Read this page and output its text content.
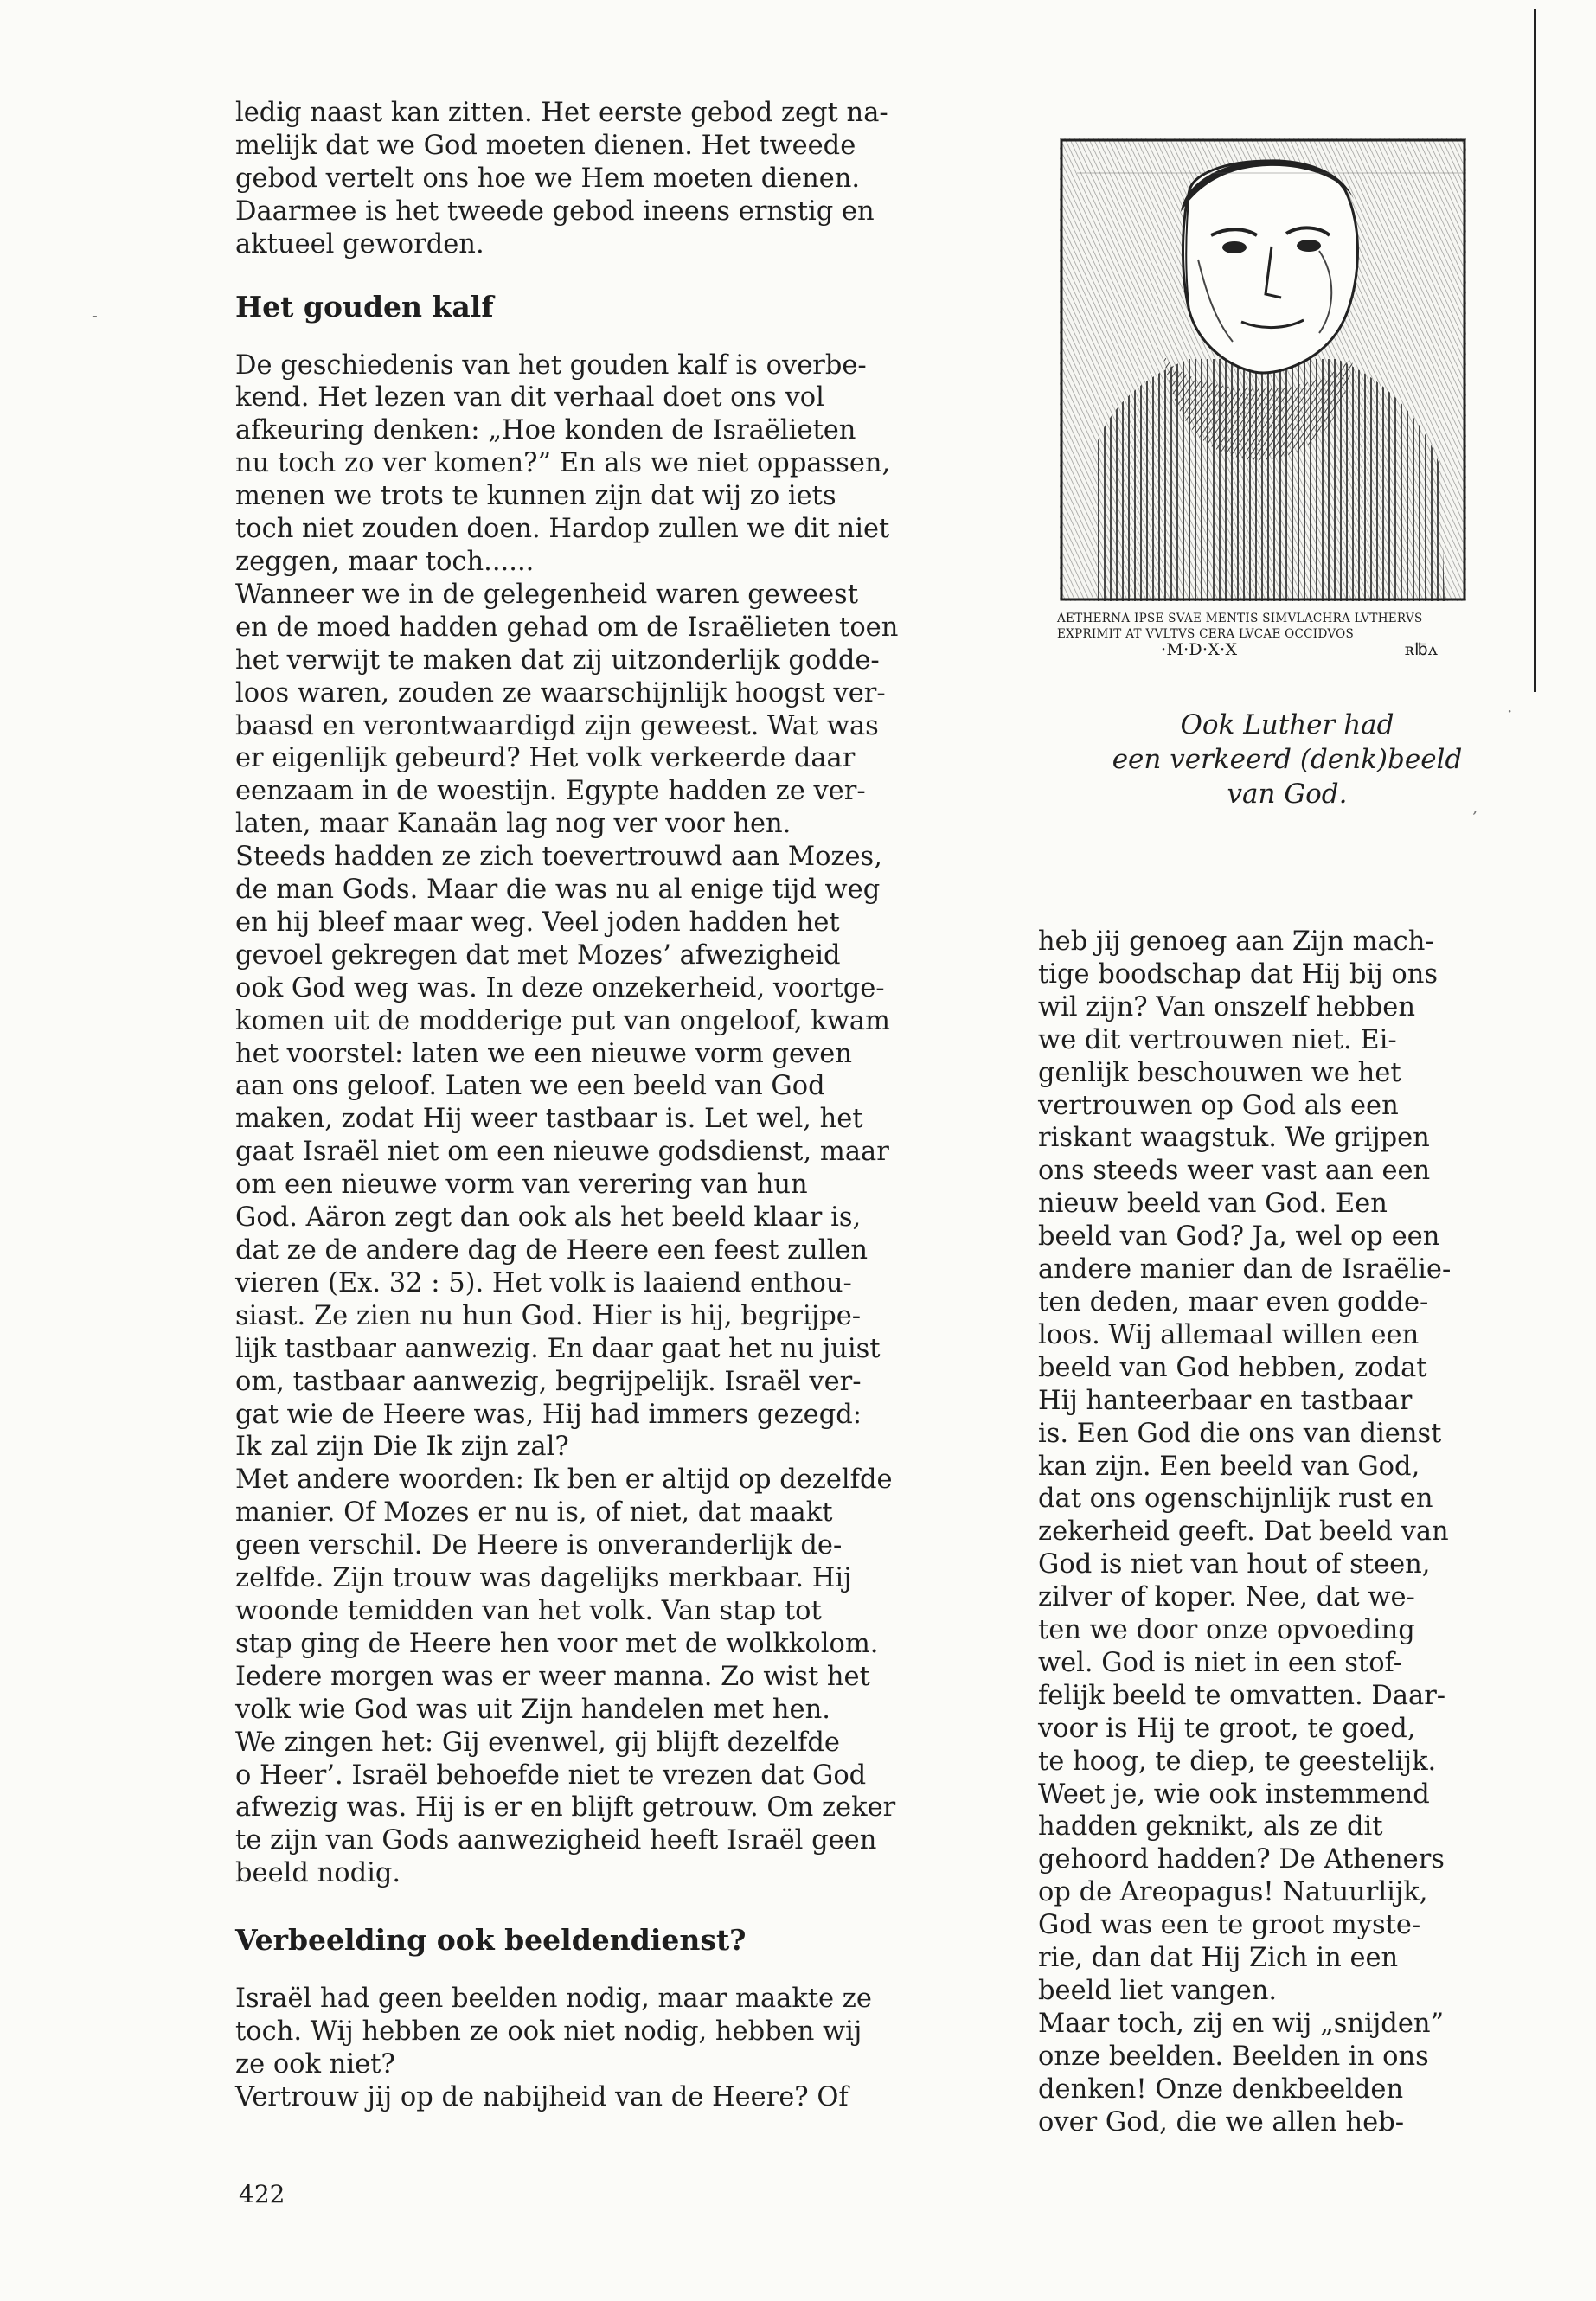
-
·
‚

ledig naast kan zitten. Het eerste gebod zegt na-
melijk dat we God moeten dienen. Het tweede
gebod vertelt ons hoe we Hem moeten dienen.
Daarmee is het tweede gebod ineens ernstig en
aktueel geworden.

Het gouden kalf

De geschiedenis van het gouden kalf is overbe-
kend. Het lezen van dit verhaal doet ons vol
afkeuring denken: „Hoe konden de Israëlieten
nu toch zo ver komen?” En als we niet oppassen,
menen we trots te kunnen zijn dat wij zo iets
toch niet zouden doen. Hardop zullen we dit niet
zeggen, maar toch......
Wanneer we in de gelegenheid waren geweest
en de moed hadden gehad om de Israëlieten toen
het verwijt te maken dat zij uitzonderlijk godde-
loos waren, zouden ze waarschijnlijk hoogst ver-
baasd en verontwaardigd zijn geweest. Wat was
er eigenlijk gebeurd? Het volk verkeerde daar
eenzaam in de woestijn. Egypte hadden ze ver-
laten, maar Kanaän lag nog ver voor hen.
Steeds hadden ze zich toevertrouwd aan Mozes,
de man Gods. Maar die was nu al enige tijd weg
en hij bleef maar weg. Veel joden hadden het
gevoel gekregen dat met Mozes’ afwezigheid
ook God weg was. In deze onzekerheid, voortge-
komen uit de modderige put van ongeloof, kwam
het voorstel: laten we een nieuwe vorm geven
aan ons geloof. Laten we een beeld van God
maken, zodat Hij weer tastbaar is. Let wel, het
gaat Israël niet om een nieuwe godsdienst, maar
om een nieuwe vorm van verering van hun
God. Aäron zegt dan ook als het beeld klaar is,
dat ze de andere dag de Heere een feest zullen
vieren (Ex. 32 : 5). Het volk is laaiend enthou-
siast. Ze zien nu hun God. Hier is hij, begrijpe-
lijk tastbaar aanwezig. En daar gaat het nu juist
om, tastbaar aanwezig, begrijpelijk. Israël ver-
gat wie de Heere was, Hij had immers gezegd:
Ik zal zijn Die Ik zijn zal?
Met andere woorden: Ik ben er altijd op dezelfde
manier. Of Mozes er nu is, of niet, dat maakt
geen verschil. De Heere is onveranderlijk de-
zelfde. Zijn trouw was dagelijks merkbaar. Hij
woonde temidden van het volk. Van stap tot
stap ging de Heere hen voor met de wolkkolom.
Iedere morgen was er weer manna. Zo wist het
volk wie God was uit Zijn handelen met hen.
We zingen het: Gij evenwel, gij blijft dezelfde
o Heer’. Israël behoefde niet te vrezen dat God
afwezig was. Hij is er en blijft getrouw. Om zeker
te zijn van Gods aanwezigheid heeft Israël geen
beeld nodig.

Verbeelding ook beeldendienst?

Israël had geen beelden nodig, maar maakte ze
toch. Wij hebben ze ook niet nodig, hebben wij
ze ook niet?
Vertrouw jij op de nabijheid van de Heere? Of

AETHERNA IPSE SVAE MENTIS SIMVLACHRA LVTHERVS
EXPRIMIT AT VVLTVS CERA LVCAE OCCIDVOS
·M·D·X·X	ʀ℔ʌ
Ook Luther had
een verkeerd (denk)beeld
van God.

heb jij genoeg aan Zijn mach-
tige boodschap dat Hij bij ons
wil zijn? Van onszelf hebben
we dit vertrouwen niet. Ei-
genlijk beschouwen we het
vertrouwen op God als een
riskant waagstuk. We grijpen
ons steeds weer vast aan een
nieuw beeld van God. Een
beeld van God? Ja, wel op een
andere manier dan de Israëlie-
ten deden, maar even godde-
loos. Wij allemaal willen een
beeld van God hebben, zodat
Hij hanteerbaar en tastbaar
is. Een God die ons van dienst
kan zijn. Een beeld van God,
dat ons ogenschijnlijk rust en
zekerheid geeft. Dat beeld van
God is niet van hout of steen,
zilver of koper. Nee, dat we-
ten we door onze opvoeding
wel. God is niet in een stof-
felijk beeld te omvatten. Daar-
voor is Hij te groot, te goed,
te hoog, te diep, te geestelijk.
Weet je, wie ook instemmend
hadden geknikt, als ze dit
gehoord hadden? De Atheners
op de Areopagus! Natuurlijk,
God was een te groot myste-
rie, dan dat Hij Zich in een
beeld liet vangen.
Maar toch, zij en wij „snijden”
onze beelden. Beelden in ons
denken! Onze denkbeelden
over God, die we allen heb-

422
